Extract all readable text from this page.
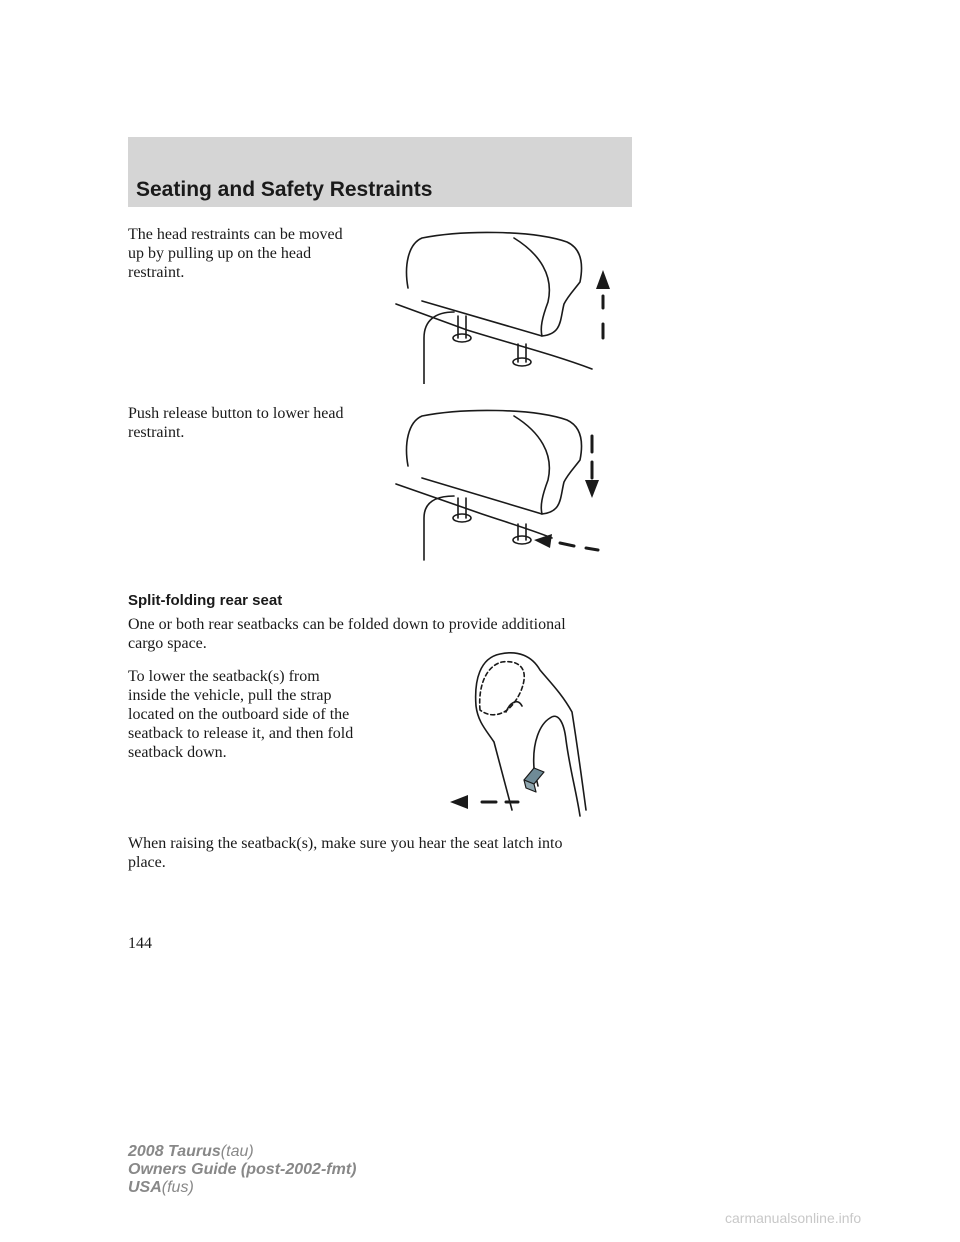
Seating and Safety Restraints

The head restraints can be moved
up by pulling up on the head
restraint.

Push release button to lower head
restraint.

Split-folding rear seat

One or both rear seatbacks can be folded down to provide additional
cargo space.

To lower the seatback(s) from
inside the vehicle, pull the strap
located on the outboard side of the
seatback to release it, and then fold
seatback down.

When raising the seatback(s), make sure you hear the seat latch into
place.

144

2008 Taurus(tau)
Owners Guide (post-2002-fmt)
USA(fus)

carmanualsonline.info
